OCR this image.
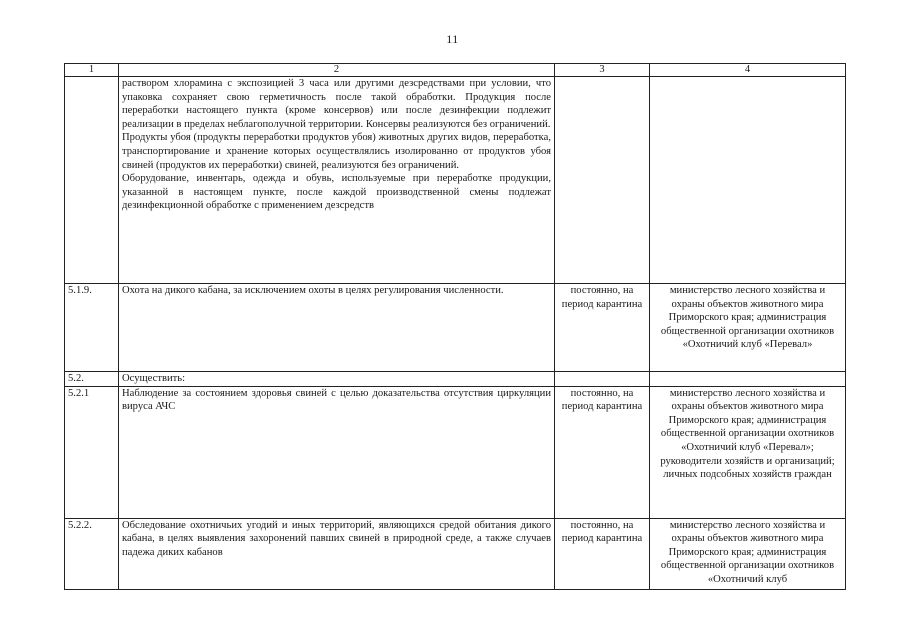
11
1	2	3	4

	раствором хлорамина с экспозицией 3 часа или другими дезсредствами при условии, что упаковка сохраняет свою герметичность после такой обработки. Продукция после переработки настоящего пункта (кроме консервов) или после дезинфекции подлежит реализации в пределах неблагополучной территории. Консервы реализуются без ограничений.
Продукты убоя (продукты переработки продуктов убоя) животных других видов, переработка, транспортирование и хранение которых осуществлялись изолированно от продуктов убоя свиней (продуктов их переработки) свиней, реализуются без ограничений.
Оборудование, инвентарь, одежда и обувь, используемые при переработке продукции, указанной в настоящем пункте, после каждой производственной смены подлежат дезинфекционной обработке с применением дезсредств		

5.1.9.	Охота на дикого кабана, за исключением охоты в целях регулирования численности.	постоянно, на период карантина	министерство лесного хозяйства и охраны объектов животного мира Приморского края; администрация общественной организации охотников «Охотничий клуб «Перевал»
5.2.	Осуществить:		
5.2.1	Наблюдение за состоянием здоровья свиней с целью доказательства отсутствия циркуляции вируса АЧС	постоянно, на период карантина	министерство лесного хозяйства и охраны объектов животного мира Приморского края; администрация общественной организации охотников «Охотничий клуб «Перевал»; руководители хозяйств и организаций; личных подсобных хозяйств граждан
5.2.2.	Обследование охотничьих угодий и иных территорий, являющихся средой обитания дикого кабана, в целях выявления захоронений павших свиней в природной среде, а также случаев падежа диких кабанов	постоянно, на период карантина	министерство лесного хозяйства и охраны объектов животного мира Приморского края; администрация общественной организации охотников «Охотничий клуб
